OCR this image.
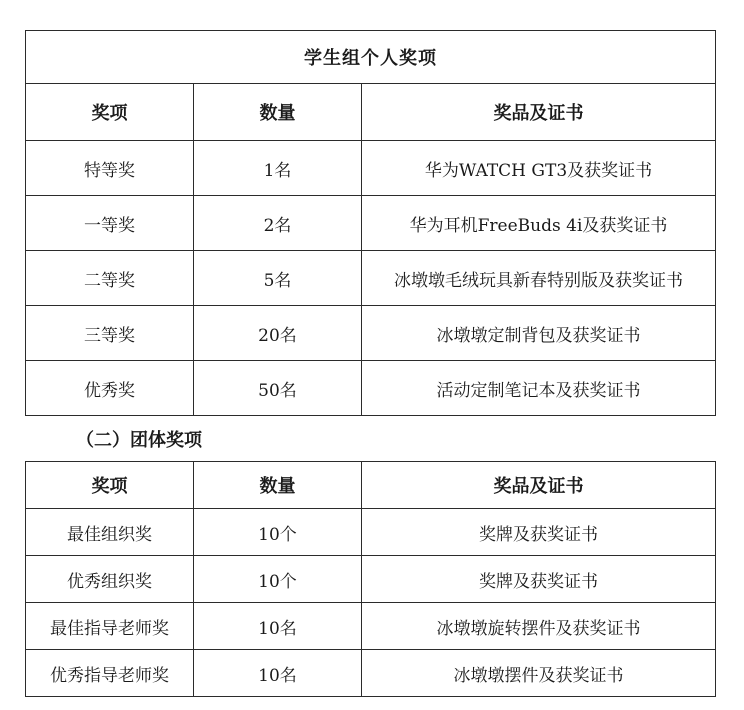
学生组个人奖项		
奖项	数量	奖品及证书
特等奖	1名	华为WATCH GT3及获奖证书
一等奖	2名	华为耳机FreeBuds 4i及获奖证书
二等奖	5名	冰墩墩毛绒玩具新春特别版及获奖证书
三等奖	20名	冰墩墩定制背包及获奖证书
优秀奖	50名	活动定制笔记本及获奖证书
（二）团体奖项
奖项	数量	奖品及证书
最佳组织奖	10个	奖牌及获奖证书
优秀组织奖	10个	奖牌及获奖证书
最佳指导老师奖	10名	冰墩墩旋转摆件及获奖证书
优秀指导老师奖	10名	冰墩墩摆件及获奖证书
